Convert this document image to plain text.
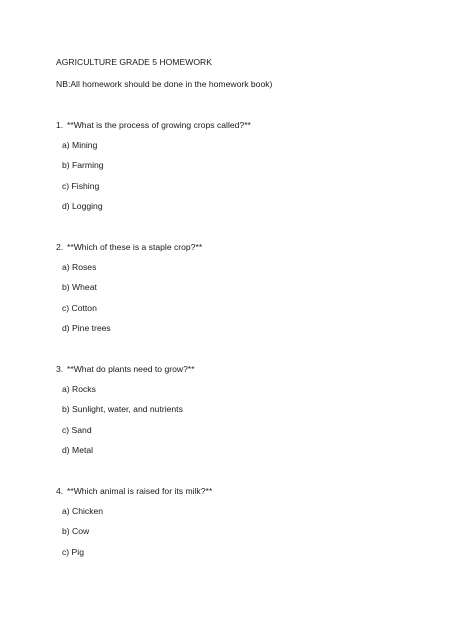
AGRICULTURE GRADE 5 HOMEWORK
NB:All homework should be done in the homework book)
1. **What is the process of growing crops called?**
a) Mining
b) Farming
c) Fishing
d) Logging
2. **Which of these is a staple crop?**
a) Roses
b) Wheat
c) Cotton
d) Pine trees
3. **What do plants need to grow?**
a) Rocks
b) Sunlight, water, and nutrients
c) Sand
d) Metal
4. **Which animal is raised for its milk?**
a) Chicken
b) Cow
c) Pig
